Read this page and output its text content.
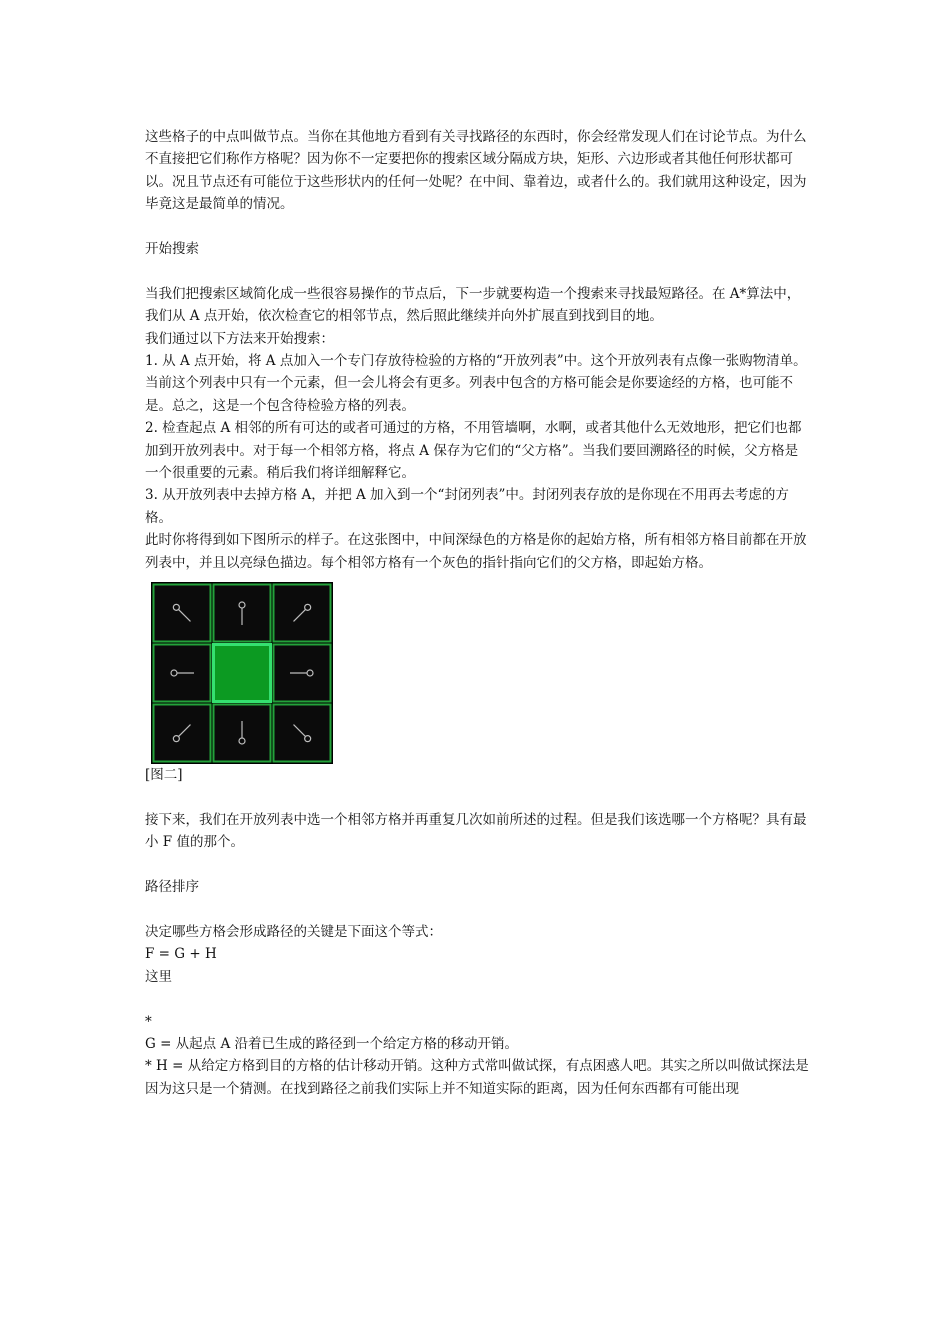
这些格子的中点叫做节点。当你在其他地方看到有关寻找路径的东西时，你会经常发现人们在讨论节点。为什么不直接把它们称作方格呢？因为你不一定要把你的搜索区域分隔成方块，矩形、六边形或者其他任何形状都可以。况且节点还有可能位于这些形状内的任何一处呢？在中间、靠着边，或者什么的。我们就用这种设定，因为毕竟这是最简单的情况。

开始搜索

当我们把搜索区域简化成一些很容易操作的节点后，下一步就要构造一个搜索来寻找最短路径。在 A*算法中，我们从 A 点开始，依次检查它的相邻节点，然后照此继续并向外扩展直到找到目的地。

我们通过以下方法来开始搜索：

1. 从 A 点开始，将 A 点加入一个专门存放待检验的方格的“开放列表”中。这个开放列表有点像一张购物清单。当前这个列表中只有一个元素，但一会儿将会有更多。列表中包含的方格可能会是你要途经的方格，也可能不是。总之，这是一个包含待检验方格的列表。

2. 检查起点 A 相邻的所有可达的或者可通过的方格，不用管墙啊，水啊，或者其他什么无效地形，把它们也都加到开放列表中。对于每一个相邻方格，将点 A 保存为它们的“父方格”。当我们要回溯路径的时候，父方格是一个很重要的元素。稍后我们将详细解释它。

3. 从开放列表中去掉方格 A，并把 A 加入到一个“封闭列表”中。封闭列表存放的是你现在不用再去考虑的方格。

此时你将得到如下图所示的样子。在这张图中，中间深绿色的方格是你的起始方格，所有相邻方格目前都在开放列表中，并且以亮绿色描边。每个相邻方格有一个灰色的指针指向它们的父方格，即起始方格。

[图二]

接下来，我们在开放列表中选一个相邻方格并再重复几次如前所述的过程。但是我们该选哪一个方格呢？具有最小 F 值的那个。

路径排序

决定哪些方格会形成路径的关键是下面这个等式：

F = G + H

这里

*

G = 从起点 A 沿着已生成的路径到一个给定方格的移动开销。

* H = 从给定方格到目的方格的估计移动开销。这种方式常叫做试探，有点困惑人吧。其实之所以叫做试探法是因为这只是一个猜测。在找到路径之前我们实际上并不知道实际的距离，因为任何东西都有可能出现
